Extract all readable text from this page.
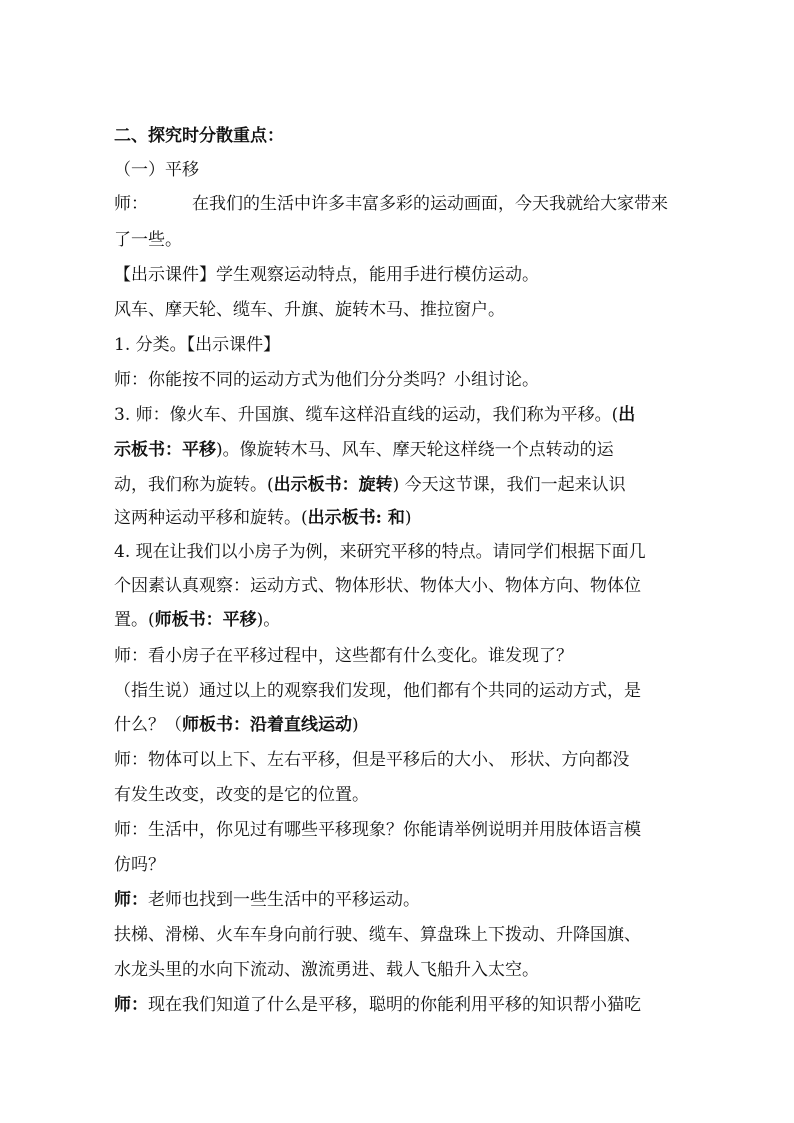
二、探究时分散重点：
（一）平移
师：	在我们的生活中许多丰富多彩的运动画面，今天我就给大家带来
了一些。
【出示课件】学生观察运动特点，能用手进行模仿运动。
风车、摩天轮、缆车、升旗、旋转木马、推拉窗户。
1. 分类。【出示课件】
师：你能按不同的运动方式为他们分分类吗？小组讨论。
3. 师：像火车、升国旗、缆车这样沿直线的运动，我们称为平移。(出
示板书：平移)。像旋转木马、风车、摩天轮这样绕一个点转动的运
动，我们称为旋转。(出示板书：旋转) 今天这节课，我们一起来认识
这两种运动平移和旋转。(出示板书: 和)
4. 现在让我们以小房子为例，来研究平移的特点。请同学们根据下面几
个因素认真观察：运动方式、物体形状、物体大小、物体方向、物体位
置。(师板书：平移)。
师：看小房子在平移过程中，这些都有什么变化。谁发现了？
（指生说）通过以上的观察我们发现，他们都有个共同的运动方式，是
什么？（师板书：沿着直线运动)
师：物体可以上下、左右平移，但是平移后的大小、 形状、方向都没
有发生改变，改变的是它的位置。
师：生活中，你见过有哪些平移现象？你能请举例说明并用肢体语言模
仿吗？
师：老师也找到一些生活中的平移运动。
扶梯、滑梯、火车车身向前行驶、缆车、算盘珠上下拨动、升降国旗、
水龙头里的水向下流动、激流勇进、载人飞船升入太空。
师：现在我们知道了什么是平移，聪明的你能利用平移的知识帮小猫吃
